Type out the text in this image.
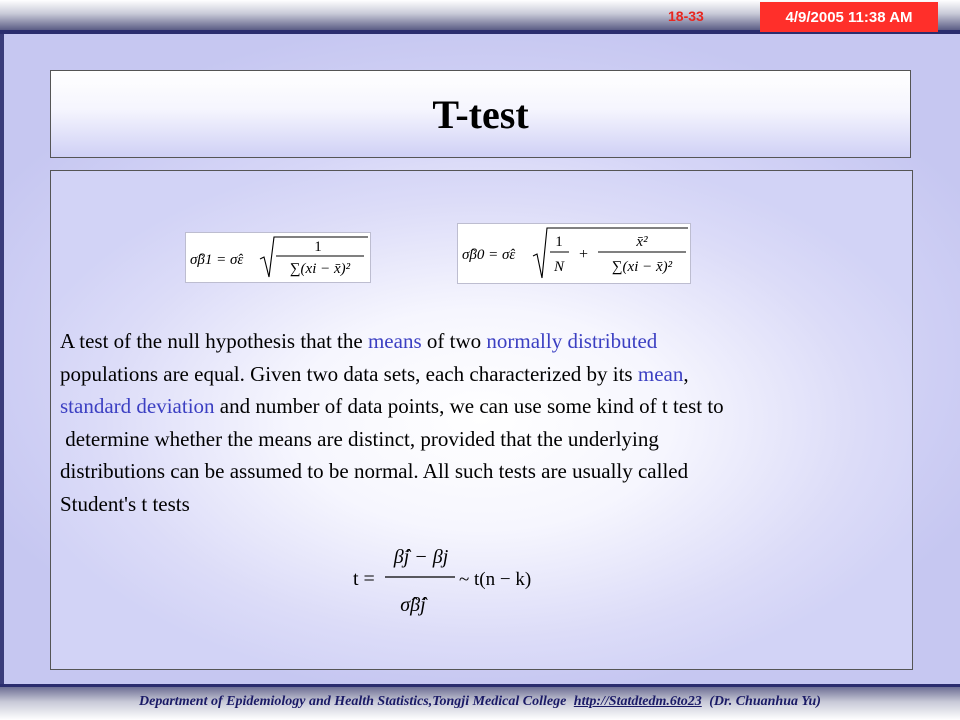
18-33	4/9/2005 11:38 AM
T-test
σ̂β1 = σ̂ε
1
∑(xi − x̄)²
σ̂β0 = σ̂ε
1
N
+
x̄²
∑(xi − x̄)²

A test of the null hypothesis that the means of two normally distributed
populations are equal. Given two data sets, each characterized by its mean,
standard deviation and number of data points, we can use some kind of t test to
determine whether the means are distinct, provided that the underlying
distributions can be assumed to be normal. All such tests are usually called
Student's t tests

t =
β̂j − βj
σ̂β̂j
~ t(n − k)
Department of Epidemiology and Health Statistics,Tongji Medical College http://Statdtedm.6to23 (Dr. Chuanhua Yu)
